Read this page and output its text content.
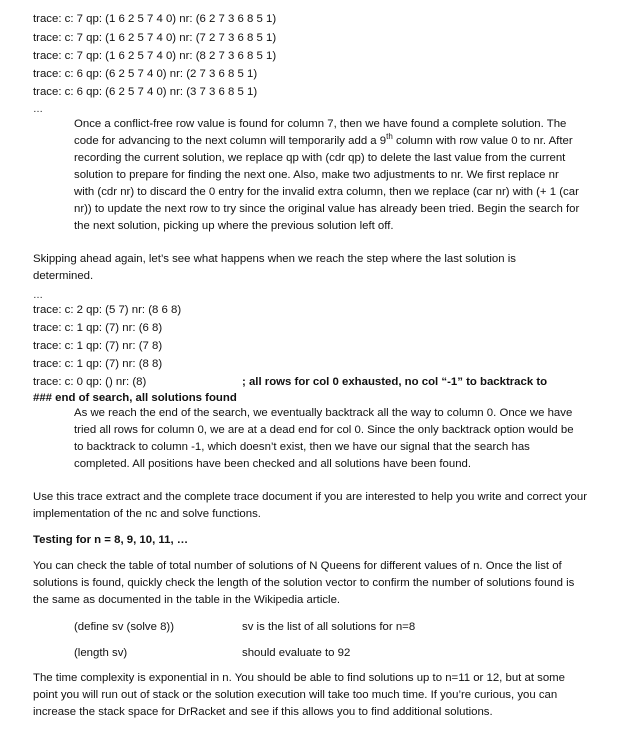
trace: c: 7 qp: (1 6 2 5 7 4 0) nr: (6 2 7 3 6 8 5 1)
trace: c: 7 qp: (1 6 2 5 7 4 0) nr: (7 2 7 3 6 8 5 1)
trace: c: 7 qp: (1 6 2 5 7 4 0) nr: (8 2 7 3 6 8 5 1)
trace: c: 6 qp: (6 2 5 7 4 0) nr: (2 7 3 6 8 5 1)
trace: c: 6 qp: (6 2 5 7 4 0) nr: (3 7 3 6 8 5 1)
…
Once a conflict-free row value is found for column 7, then we have found a complete solution. The code for advancing to the next column will temporarily add a 9th column with row value 0 to nr. After recording the current solution, we replace qp with (cdr qp) to delete the last value from the current solution to prepare for finding the next one. Also, make two adjustments to nr. We first replace nr with (cdr nr) to discard the 0 entry for the invalid extra column, then we replace (car nr) with (+ 1 (car nr)) to update the next row to try since the original value has already been tried. Begin the search for the next solution, picking up where the previous solution left off.
Skipping ahead again, let’s see what happens when we reach the step where the last solution is determined.
…
trace: c: 2 qp: (5 7) nr: (8 6 8)
trace: c: 1 qp: (7) nr: (6 8)
trace: c: 1 qp: (7) nr: (7 8)
trace: c: 1 qp: (7) nr: (8 8)
trace: c: 0 qp: () nr: (8)	; all rows for col 0 exhausted, no col “-1” to backtrack to
### end of search, all solutions found
As we reach the end of the search, we eventually backtrack all the way to column 0. Once we have tried all rows for column 0, we are at a dead end for col 0. Since the only backtrack option would be to backtrack to column -1, which doesn’t exist, then we have our signal that the search has completed. All positions have been checked and all solutions have been found.
Use this trace extract and the complete trace document if you are interested to help you write and correct your implementation of the nc and solve functions.
Testing for n = 8, 9, 10, 11, …
You can check the table of total number of solutions of N Queens for different values of n. Once the list of solutions is found, quickly check the length of the solution vector to confirm the number of solutions found is the same as documented in the table in the Wikipedia article.
(define sv (solve 8))	sv is the list of all solutions for n=8
(length sv)	should evaluate to 92
The time complexity is exponential in n. You should be able to find solutions up to n=11 or 12, but at some point you will run out of stack or the solution execution will take too much time. If you’re curious, you can increase the stack space for DrRacket and see if this allows you to find additional solutions.
